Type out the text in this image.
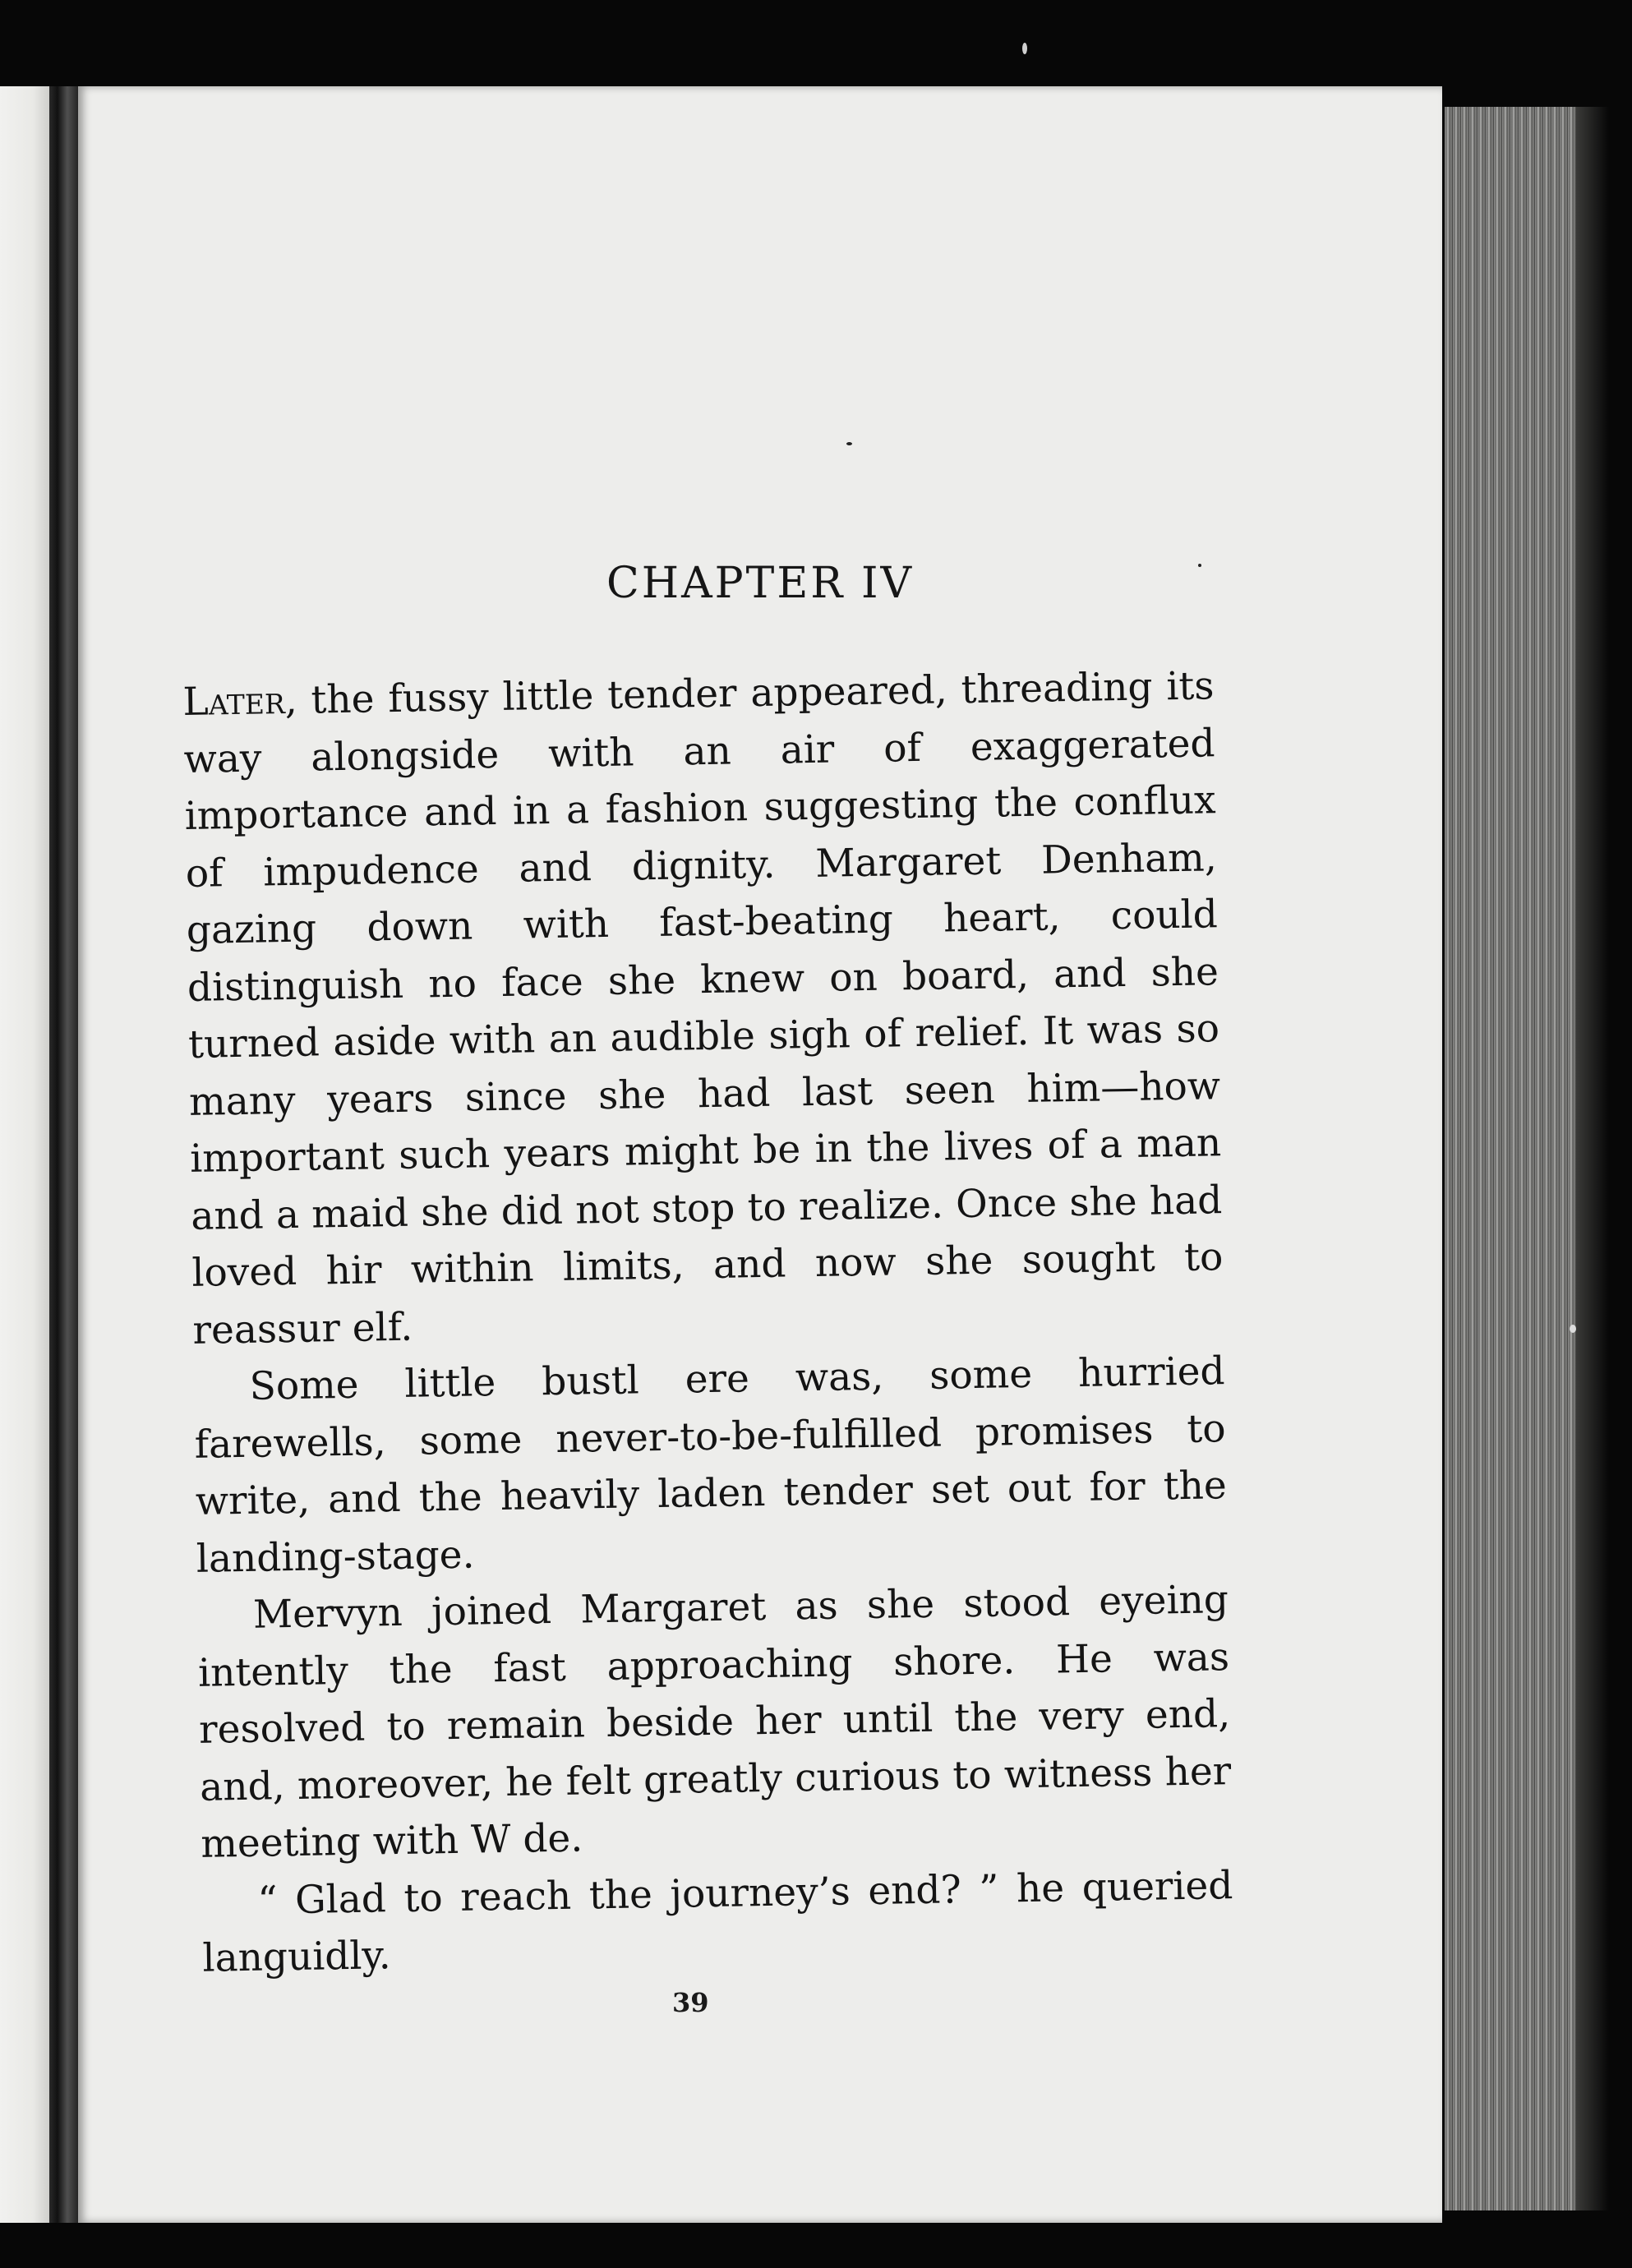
CHAPTER IV

Later, the fussy little tender appeared, threading its way alongside with an air of exaggerated importance and in a fashion suggesting the conflux of impudence and dignity. Margaret Denham, gazing down with fast-beating heart, could distinguish no face she knew on board, and she turned aside with an audible sigh of relief. It was so many years since she had last seen him—how important such years might be in the lives of a man and a maid she did not stop to realize. Once she had loved hir within limits, and now she sought to reassur elf.

Some little bustl ere was, some hurried farewells, some never-to-be-fulfilled promises to write, and the heavily laden tender set out for the landing-stage.

Mervyn joined Margaret as she stood eyeing intently the fast approaching shore. He was resolved to remain beside her until the very end, and, moreover, he felt greatly curious to witness her meeting with W de.

“ Glad to reach the journey’s end? ” he queried languidly.

39
